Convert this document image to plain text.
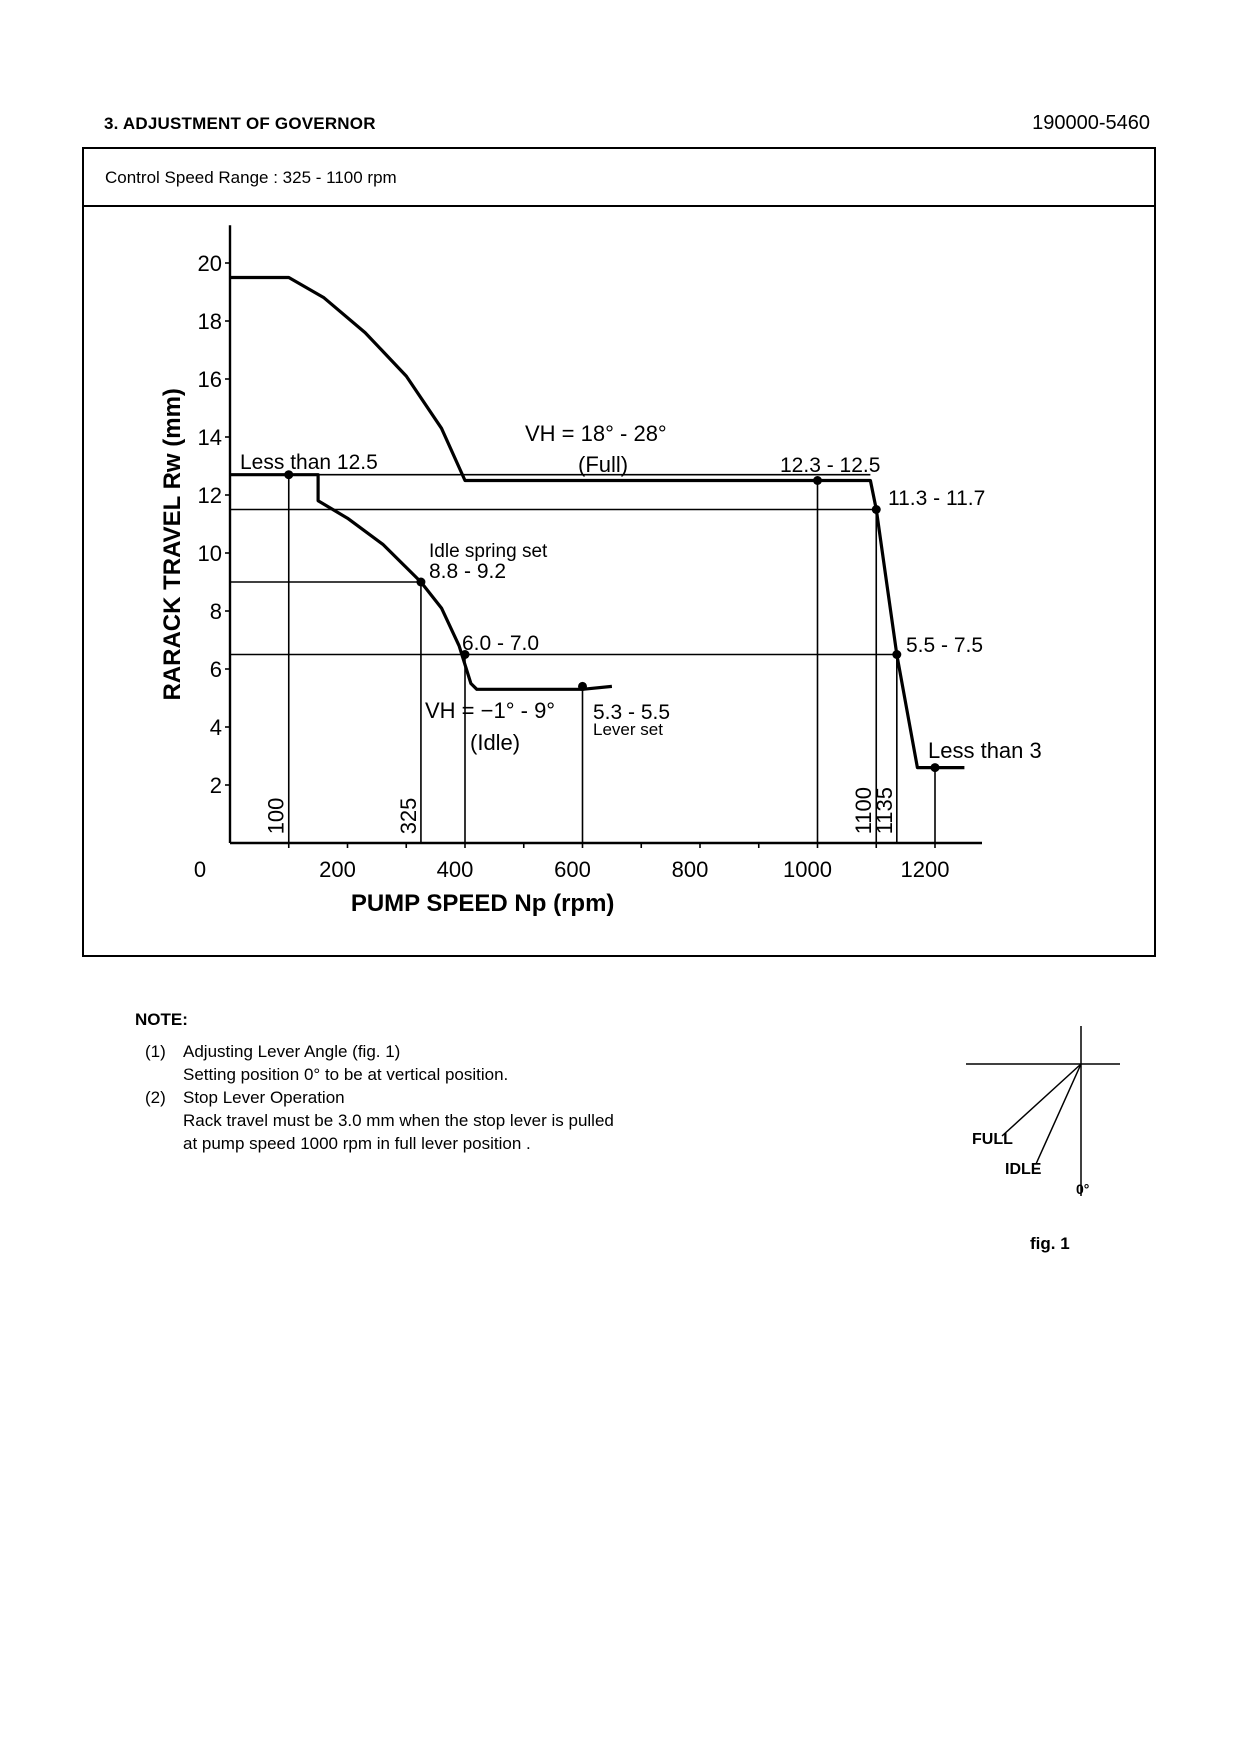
3. ADJUSTMENT OF GOVERNOR	190000-5460
Control Speed Range : 325 - 1100 rpm
2
4
6
8
10
12
14
16
18
20
0	200	400	600	800	1000	1200
PUMP SPEED Np (rpm)
RARACK TRAVEL Rw (mm)
100	325	1100
1135
Less than 12.5
VH = 18° - 28°
(Full)	12.3 - 12.5
11.3 - 11.7
Idle spring set
8.8 - 9.2
6.0 - 7.0	5.5 - 7.5
VH = −1° - 9°
(Idle)
5.3 - 5.5
Lever set
Less than 3
NOTE:
(1) Adjusting Lever Angle (fig. 1)
Setting position 0° to be at vertical position.
(2) Stop Lever Operation
Rack travel must be 3.0 mm when the stop lever is pulled
at pump speed 1000 rpm in full lever position .	FULL
IDLE
0°
fig. 1
